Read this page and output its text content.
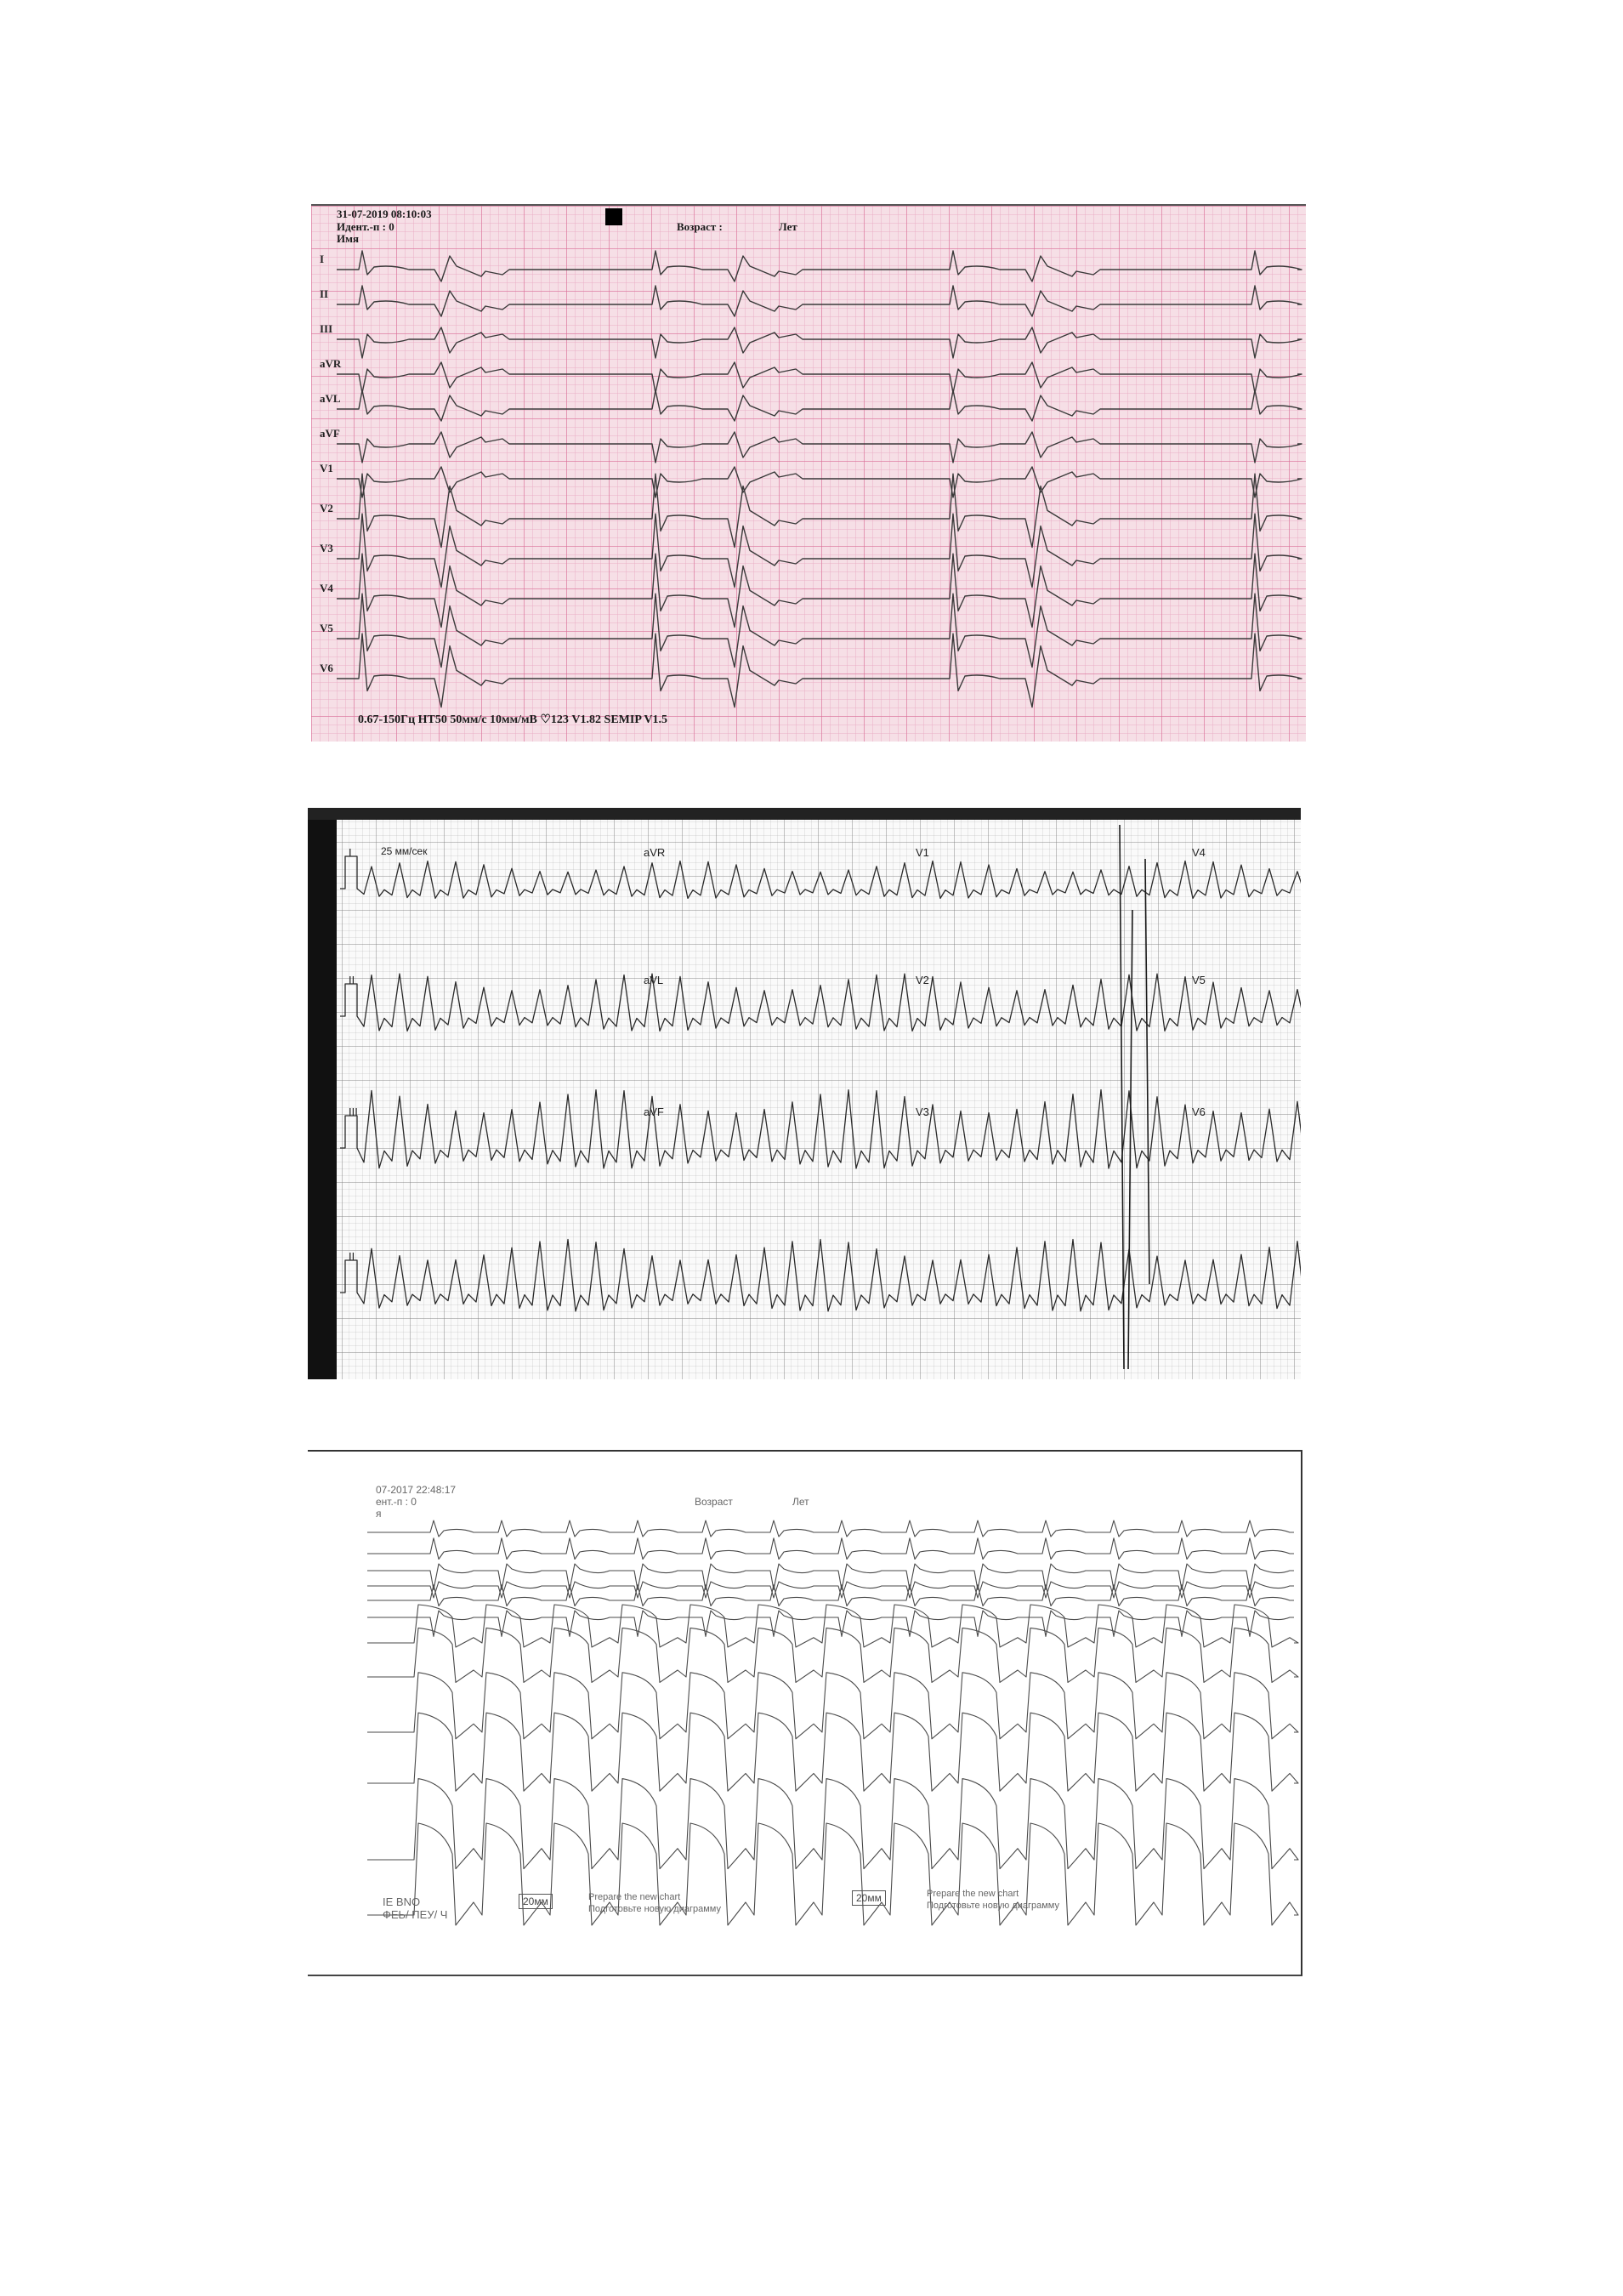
31-07-2019 08:10:03
Идент.-п : 0
Имя
Возраст :	Лет
I
II
III
aVR
aVL
aVF
V1
V2
V3
V4
V5
V6
0.67-150Гц НТ50 50мм/с 10мм/мВ ♡123 V1.82 SEMIP V1.5
25 мм/сек
I	aVR	V1	V4
II	aVL	V2	V5
III	aVF	V3	V6
II
07-2017 22:48:17
ент.-п : 0
я
Возраст	Лет
IE BNO
ФЕЬ/ ПЕУ/ Ч
20мм	Prepare the new chart
Подготовьте новую диаграмму
20мм	Prepare the new chart
Подготовьте новую диаграмму
